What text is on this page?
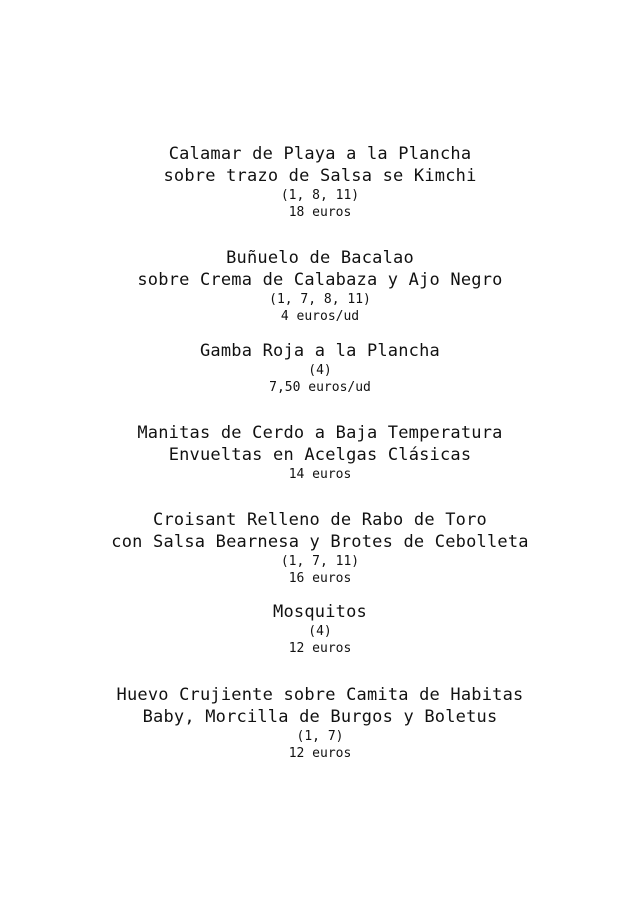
Calamar de Playa a la Plancha
sobre trazo de Salsa se Kimchi
(1, 8, 11)
18 euros
Buñuelo de Bacalao
sobre Crema de Calabaza y Ajo Negro
(1, 7, 8, 11)
4 euros/ud
Gamba Roja a la Plancha
(4)
7,50 euros/ud
Manitas de Cerdo a Baja Temperatura
Envueltas en Acelgas Clásicas
14 euros
Croisant Relleno de Rabo de Toro
con Salsa Bearnesa y Brotes de Cebolleta
(1, 7, 11)
16 euros
Mosquitos
(4)
12 euros
Huevo Crujiente sobre Camita de Habitas
Baby, Morcilla de Burgos y Boletus
(1, 7)
12 euros
